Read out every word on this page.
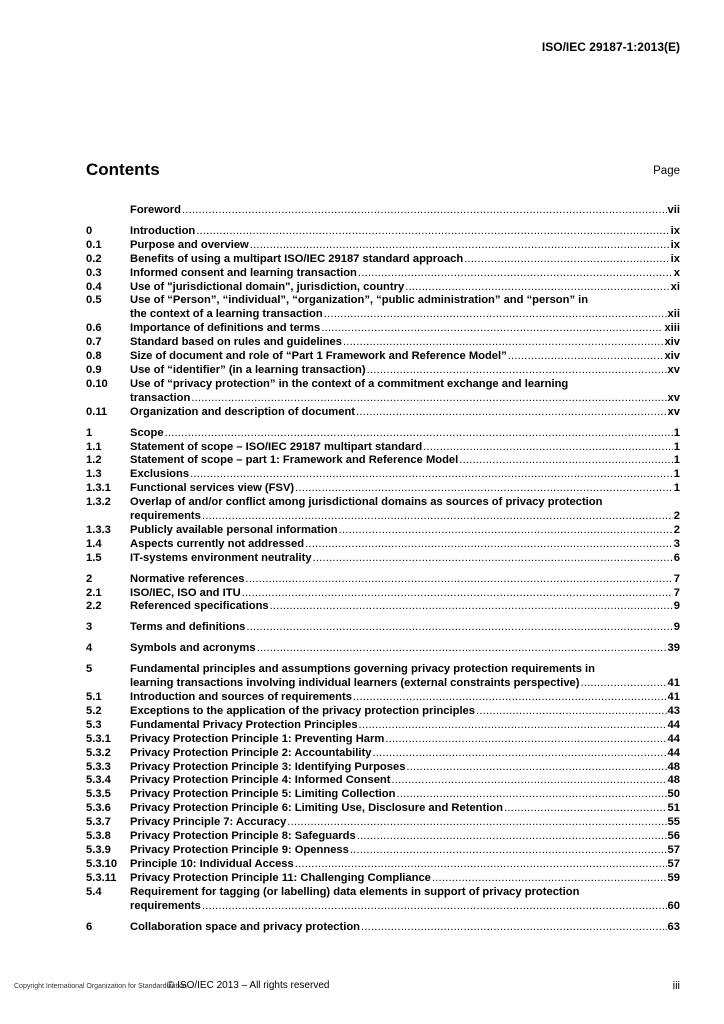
ISO/IEC 29187-1:2013(E)
Contents	Page
Foreword .....	vii
0	Introduction .....	ix
0.1	Purpose and overview .....	ix
0.2	Benefits of using a multipart ISO/IEC 29187 standard approach .....	ix
0.3	Informed consent and learning transaction .....	x
0.4	Use of "jurisdictional domain", jurisdiction, country .....	xi
0.5	Use of “Person”, “individual”, “organization”, “public administration” and “person” in
the context of a learning transaction .....	xii
0.6	Importance of definitions and terms .....	xiii
0.7	Standard based on rules and guidelines .....	xiv
0.8	Size of document and role of “Part 1 Framework and Reference Model” .....	xiv
0.9	Use of “identifier” (in a learning transaction) .....	xv
0.10	Use of “privacy protection” in the context of a commitment exchange and learning
transaction .....	xv
0.11	Organization and description of document .....	xv
1	Scope .....	1
1.1	Statement of scope – ISO/IEC 29187 multipart standard .....	1
1.2	Statement of scope – part 1: Framework and Reference Model .....	1
1.3	Exclusions .....	1
1.3.1	Functional services view (FSV) .....	1
1.3.2	Overlap of and/or conflict among jurisdictional domains as sources of privacy protection
requirements .....	2
1.3.3	Publicly available personal information .....	2
1.4	Aspects currently not addressed .....	3
1.5	IT-systems environment neutrality .....	6
2	Normative references .....	7
2.1	ISO/IEC, ISO and ITU .....	7
2.2	Referenced specifications .....	9
3	Terms and definitions .....	9
4	Symbols and acronyms .....	39
5	Fundamental principles and assumptions governing privacy protection requirements in
learning transactions involving individual learners (external constraints perspective) .....	41
5.1	Introduction and sources of requirements .....	41
5.2	Exceptions to the application of the privacy protection principles .....	43
5.3	Fundamental Privacy Protection Principles .....	44
5.3.1	Privacy Protection Principle 1: Preventing Harm .....	44
5.3.2	Privacy Protection Principle 2: Accountability .....	44
5.3.3	Privacy Protection Principle 3: Identifying Purposes .....	48
5.3.4	Privacy Protection Principle 4: Informed Consent .....	48
5.3.5	Privacy Protection Principle 5: Limiting Collection .....	50
5.3.6	Privacy Protection Principle 6: Limiting Use, Disclosure and Retention .....	51
5.3.7	Privacy Principle 7: Accuracy .....	55
5.3.8	Privacy Protection Principle 8: Safeguards .....	56
5.3.9	Privacy Protection Principle 9: Openness .....	57
5.3.10	Principle 10: Individual Access .....	57
5.3.11	Privacy Protection Principle 11: Challenging Compliance .....	59
5.4	Requirement for tagging (or labelling) data elements in support of privacy protection
requirements .....	60
6	Collaboration space and privacy protection .....	63
Copyright International Organization for Standardization
© ISO/IEC 2013 – All rights reserved	iii
